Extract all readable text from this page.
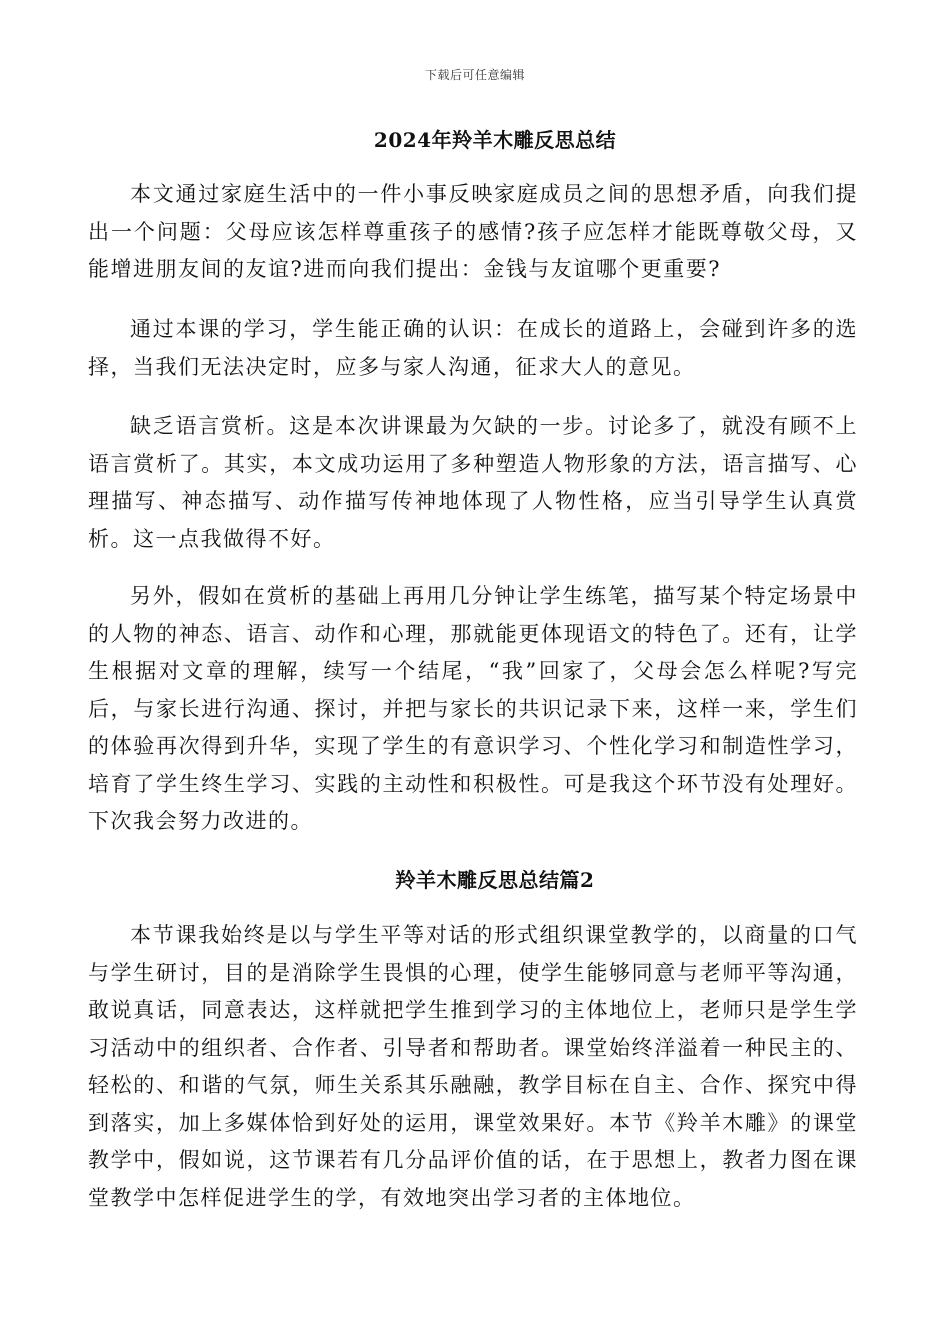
下载后可任意编辑
2024年羚羊木雕反思总结

本文通过家庭生活中的一件小事反映家庭成员之间的思想矛盾，向我们提出一个问题：父母应该怎样尊重孩子的感情?孩子应怎样才能既尊敬父母，又能增进朋友间的友谊?进而向我们提出：金钱与友谊哪个更重要?

通过本课的学习，学生能正确的认识：在成长的道路上，会碰到许多的选择，当我们无法决定时，应多与家人沟通，征求大人的意见。

缺乏语言赏析。这是本次讲课最为欠缺的一步。讨论多了，就没有顾不上语言赏析了。其实，本文成功运用了多种塑造人物形象的方法，语言描写、心理描写、神态描写、动作描写传神地体现了人物性格，应当引导学生认真赏析。这一点我做得不好。

另外，假如在赏析的基础上再用几分钟让学生练笔，描写某个特定场景中的人物的神态、语言、动作和心理，那就能更体现语文的特色了。还有，让学生根据对文章的理解，续写一个结尾，“我”回家了，父母会怎么样呢?写完后，与家长进行沟通、探讨，并把与家长的共识记录下来，这样一来，学生们的体验再次得到升华，实现了学生的有意识学习、个性化学习和制造性学习，培育了学生终生学习、实践的主动性和积极性。可是我这个环节没有处理好。下次我会努力改进的。

羚羊木雕反思总结篇2

本节课我始终是以与学生平等对话的形式组织课堂教学的，以商量的口气与学生研讨，目的是消除学生畏惧的心理，使学生能够同意与老师平等沟通，敢说真话，同意表达，这样就把学生推到学习的主体地位上，老师只是学生学习活动中的组织者、合作者、引导者和帮助者。课堂始终洋溢着一种民主的、轻松的、和谐的气氛，师生关系其乐融融，教学目标在自主、合作、探究中得到落实，加上多媒体恰到好处的运用，课堂效果好。本节《羚羊木雕》的课堂教学中，假如说，这节课若有几分品评价值的话，在于思想上，教者力图在课堂教学中怎样促进学生的学，有效地突出学习者的主体地位。
